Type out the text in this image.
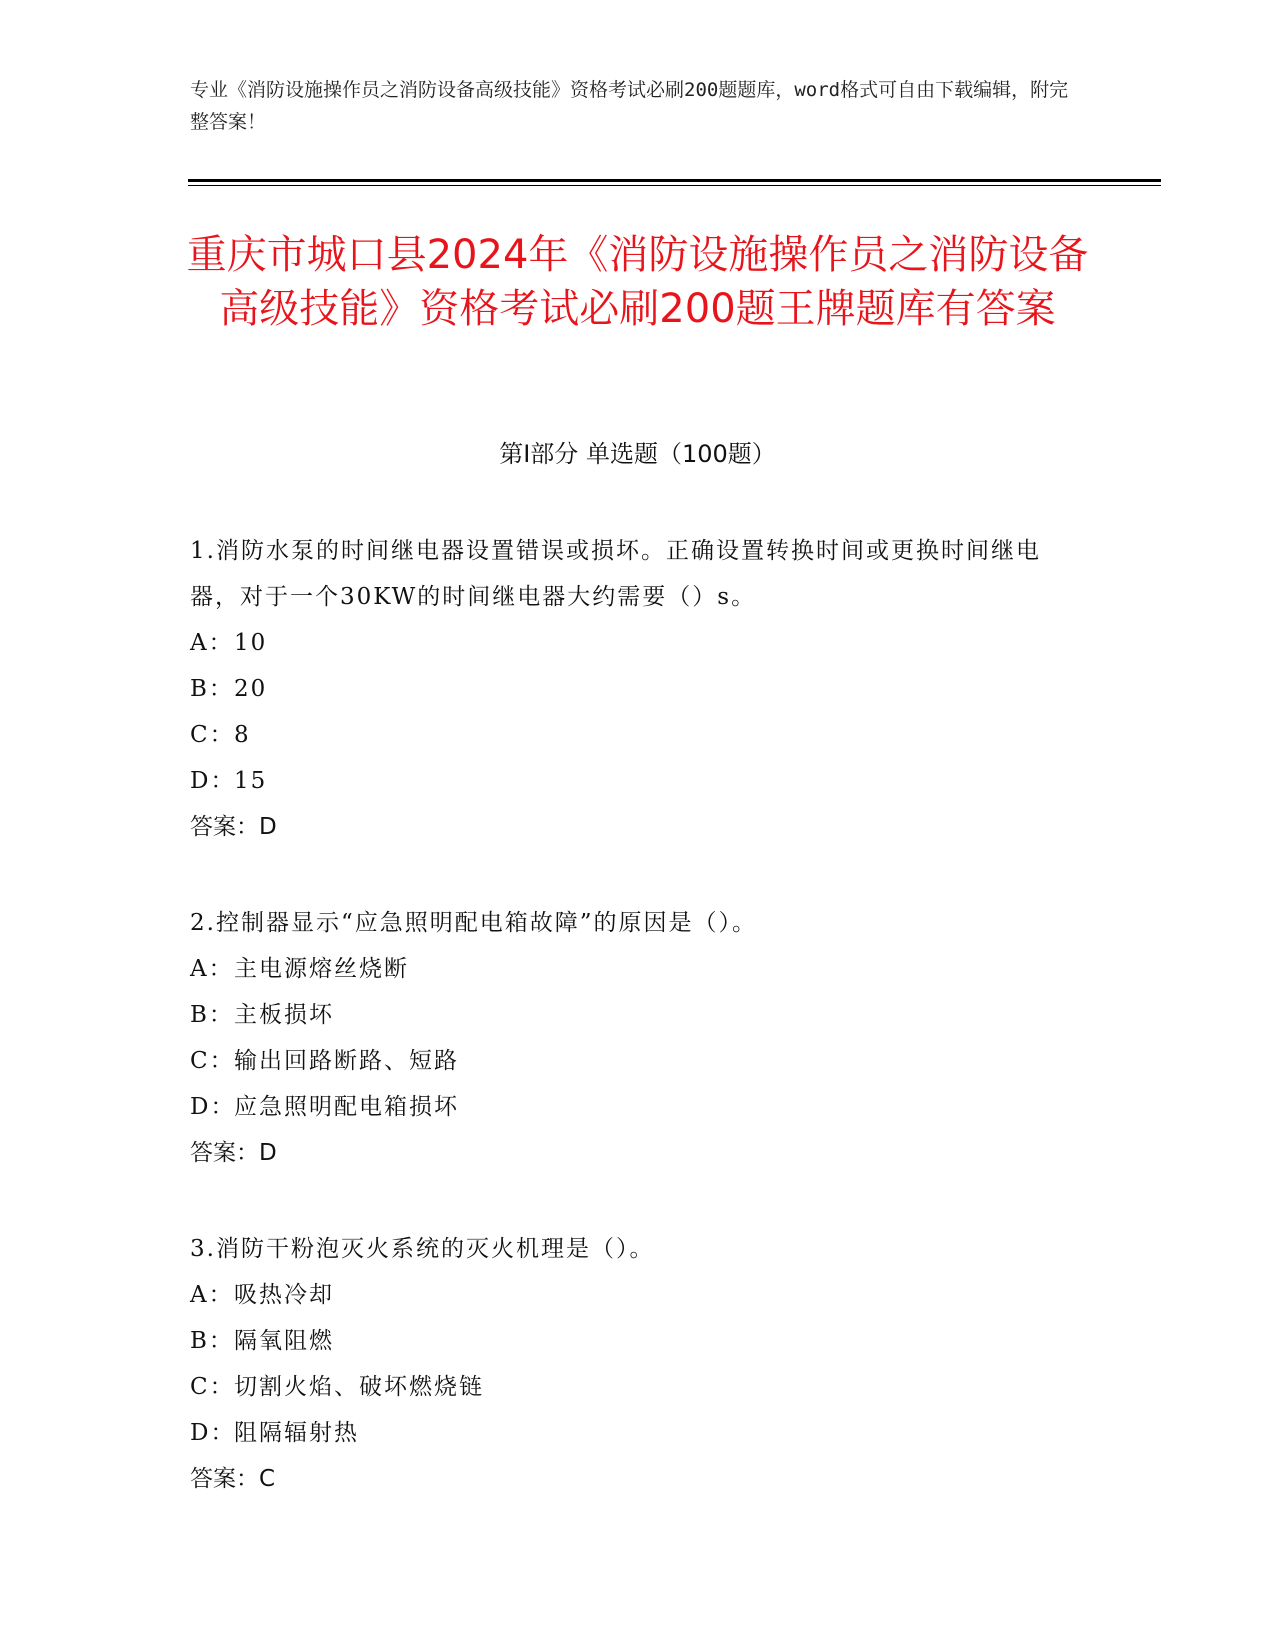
专业《消防设施操作员之消防设备高级技能》资格考试必刷200题题库，word格式可自由下载编辑，附完整答案！

重庆市城口县2024年《消防设施操作员之消防设备高级技能》资格考试必刷200题王牌题库有答案
第Ⅰ部分 单选题（100题）

1.消防水泵的时间继电器设置错误或损坏。正确设置转换时间或更换时间继电器，对于一个30KW的时间继电器大约需要（）s。

A： 10

B： 20

C： 8

D：
15

答案：D

2.控制器显示“应急照明配电箱故障”的原因是（）。

A： 主电源熔丝烧断

B： 主板损坏

C： 输出回路断路、短路

D：
应急照明配电箱损坏

答案：D

3.消防干粉泡灭火系统的灭火机理是（）。

A： 吸热冷却

B： 隔氧阻燃

C： 切割火焰、破坏燃烧链

D：
阻隔辐射热

答案：C
